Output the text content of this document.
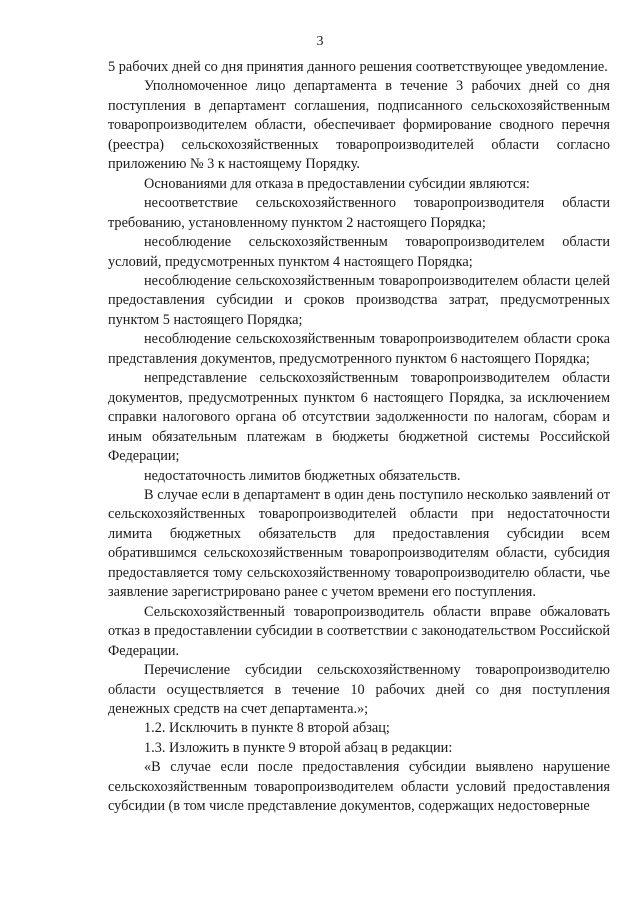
3

5 рабочих дней со дня принятия данного решения соответствующее уведомление.

Уполномоченное лицо департамента в течение 3 рабочих дней со дня поступления в департамент соглашения, подписанного сельскохозяйственным товаропроизводителем области, обеспечивает формирование сводного перечня (реестра) сельскохозяйственных товаропроизводителей области согласно приложению № 3 к настоящему Порядку.

Основаниями для отказа в предоставлении субсидии являются:

несоответствие сельскохозяйственного товаропроизводителя области требованию, установленному пунктом 2 настоящего Порядка;

несоблюдение сельскохозяйственным товаропроизводителем области условий, предусмотренных пунктом 4 настоящего Порядка;

несоблюдение сельскохозяйственным товаропроизводителем области целей предоставления субсидии и сроков производства затрат, предусмотренных пунктом 5 настоящего Порядка;

несоблюдение сельскохозяйственным товаропроизводителем области срока представления документов, предусмотренного пунктом 6 настоящего Порядка;

непредставление сельскохозяйственным товаропроизводителем области документов, предусмотренных пунктом 6 настоящего Порядка, за исключением справки налогового органа об отсутствии задолженности по налогам, сборам и иным обязательным платежам в бюджеты бюджетной системы Российской Федерации;

недостаточность лимитов бюджетных обязательств.

В случае если в департамент в один день поступило несколько заявлений от сельскохозяйственных товаропроизводителей области при недостаточности лимита бюджетных обязательств для предоставления субсидии всем обратившимся сельскохозяйственным товаропроизводителям области, субсидия предоставляется тому сельскохозяйственному товаропроизводителю области, чье заявление зарегистрировано ранее с учетом времени его поступления.

Сельскохозяйственный товаропроизводитель области вправе обжаловать отказ в предоставлении субсидии в соответствии с законодательством Российской Федерации.

Перечисление субсидии сельскохозяйственному товаропроизводителю области осуществляется в течение 10 рабочих дней со дня поступления денежных средств на счет департамента.»;

1.2. Исключить в пункте 8 второй абзац;

1.3. Изложить в пункте 9 второй абзац в редакции:

«В случае если после предоставления субсидии выявлено нарушение сельскохозяйственным товаропроизводителем области условий предоставления субсидии (в том числе представление документов, содержащих недостоверные
